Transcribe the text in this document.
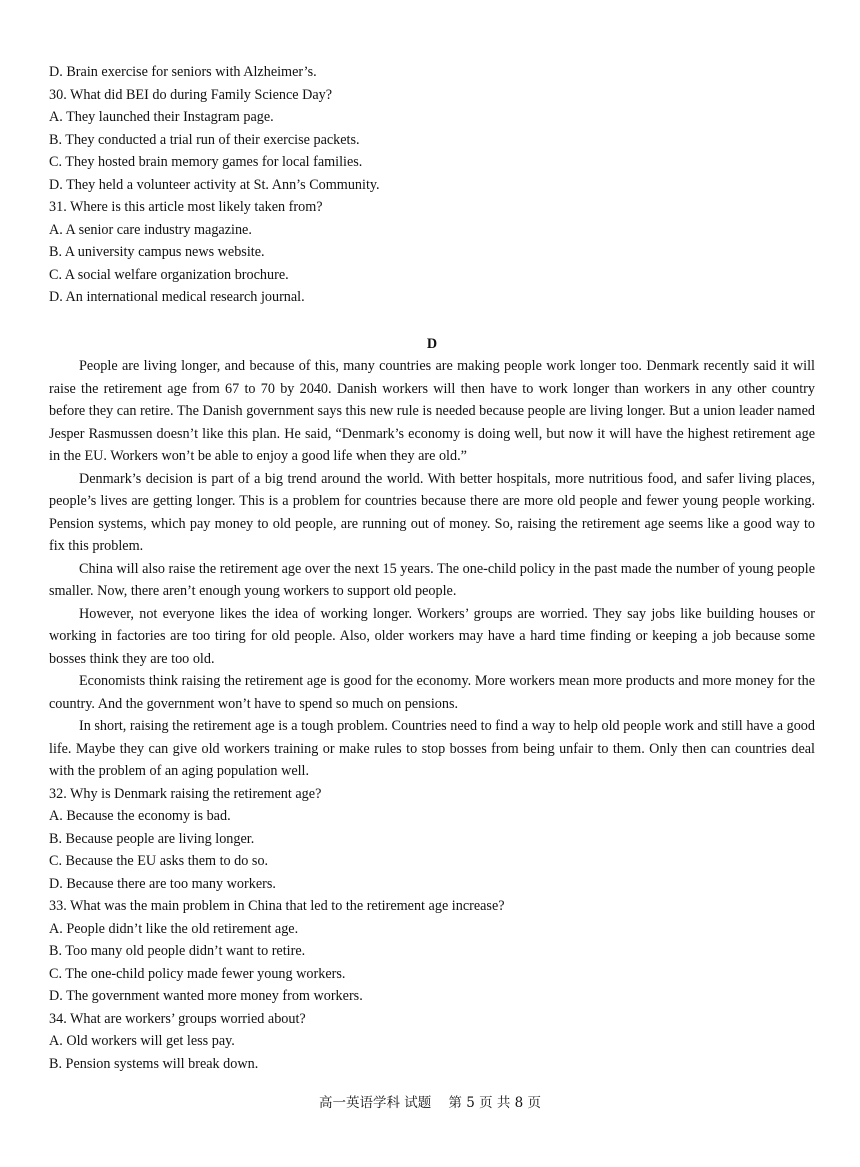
D. Brain exercise for seniors with Alzheimer’s.

30. What did BEI do during Family Science Day?

A. They launched their Instagram page.

B. They conducted a trial run of their exercise packets.

C. They hosted brain memory games for local families.

D. They held a volunteer activity at St. Ann’s Community.

31. Where is this article most likely taken from?

A. A senior care industry magazine.

B. A university campus news website.

C. A social welfare organization brochure.

D. An international medical research journal.

D

People are living longer, and because of this, many countries are making people work longer too. Denmark recently said it will raise the retirement age from 67 to 70 by 2040. Danish workers will then have to work longer than workers in any other country before they can retire. The Danish government says this new rule is needed because people are living longer. But a union leader named Jesper Rasmussen doesn’t like this plan. He said, “Denmark’s economy is doing well, but now it will have the highest retirement age in the EU. Workers won’t be able to enjoy a good life when they are old.”

Denmark’s decision is part of a big trend around the world. With better hospitals, more nutritious food, and safer living places, people’s lives are getting longer. This is a problem for countries because there are more old people and fewer young people working. Pension systems, which pay money to old people, are running out of money. So, raising the retirement age seems like a good way to fix this problem.

China will also raise the retirement age over the next 15 years. The one-child policy in the past made the number of young people smaller. Now, there aren’t enough young workers to support old people.

However, not everyone likes the idea of working longer. Workers’ groups are worried. They say jobs like building houses or working in factories are too tiring for old people. Also, older workers may have a hard time finding or keeping a job because some bosses think they are too old.

Economists think raising the retirement age is good for the economy. More workers mean more products and more money for the country. And the government won’t have to spend so much on pensions.

In short, raising the retirement age is a tough problem. Countries need to find a way to help old people work and still have a good life. Maybe they can give old workers training or make rules to stop bosses from being unfair to them. Only then can countries deal with the problem of an aging population well.

32. Why is Denmark raising the retirement age?

A. Because the economy is bad.

B. Because people are living longer.

C. Because the EU asks them to do so.

D. Because there are too many workers.

33. What was the main problem in China that led to the retirement age increase?

A. People didn’t like the old retirement age.

B. Too many old people didn’t want to retire.

C. The one-child policy made fewer young workers.

D. The government wanted more money from workers.

34. What are workers’ groups worried about?

A. Old workers will get less pay.

B. Pension systems will break down.

高一英语学科 试题    第 5 页 共 8 页
